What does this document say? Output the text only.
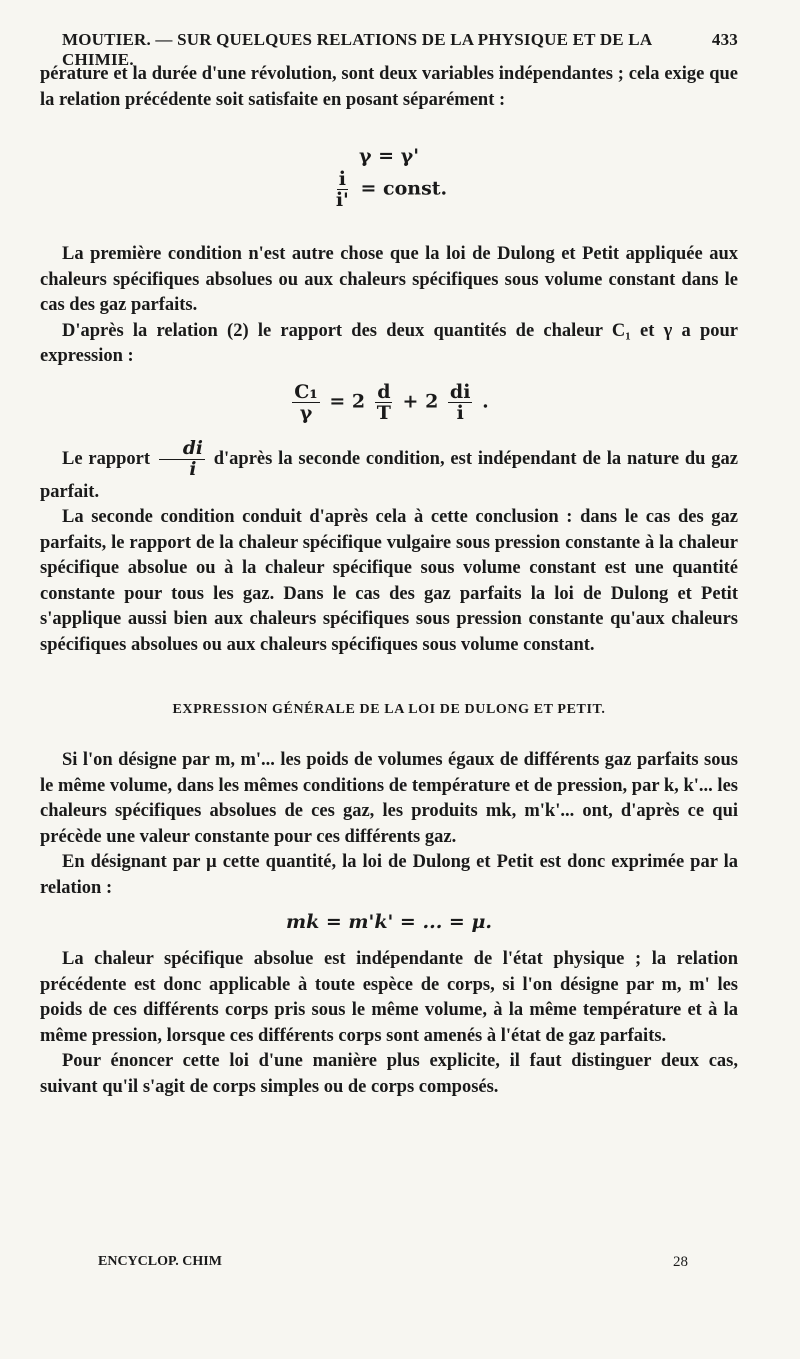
MOUTIER. — SUR QUELQUES RELATIONS DE LA PHYSIQUE ET DE LA CHIMIE.
433

pérature et la durée d'une révolution, sont deux variables indépendantes ; cela exige que la relation précédente soit satisfaite en posant séparément :

γ = γ'
$\frac{i}{i'}$ = const.

La première condition n'est autre chose que la loi de Dulong et Petit appliquée aux chaleurs spécifiques absolues ou aux chaleurs spécifiques sous volume constant dans le cas des gaz parfaits.

D'après la relation (2) le rapport des deux quantités de chaleur C₁ et γ a pour expression :

$\frac{\text{C₁}}{\gamma} = 2 \frac{d}{T} + 2 \frac{di}{i}$ .

Le rapport $\frac{di}{i}$ d'après la seconde condition, est indépendant de la nature du gaz parfait.

La seconde condition conduit d'après cela à cette conclusion : dans le cas des gaz parfaits, le rapport de la chaleur spécifique vulgaire sous pression constante à la chaleur spécifique absolue ou à la chaleur spécifique sous volume constant est une quantité constante pour tous les gaz. Dans le cas des gaz parfaits la loi de Dulong et Petit s'applique aussi bien aux chaleurs spécifiques sous pression constante qu'aux chaleurs spécifiques absolues ou aux chaleurs spécifiques sous volume constant.

EXPRESSION GÉNÉRALE DE LA LOI DE DULONG ET PETIT.

Si l'on désigne par m, m'... les poids de volumes égaux de différents gaz parfaits sous le même volume, dans les mêmes conditions de température et de pression, par k, k'... les chaleurs spécifiques absolues de ces gaz, les produits mk, m'k'... ont, d'après ce qui précède une valeur constante pour ces différents gaz.

En désignant par μ cette quantité, la loi de Dulong et Petit est donc exprimée par la relation :

mk = m'k' = ... = μ.

La chaleur spécifique absolue est indépendante de l'état physique ; la relation précédente est donc applicable à toute espèce de corps, si l'on désigne par m, m' les poids de ces différents corps pris sous le même volume, à la même température et à la même pression, lorsque ces différents corps sont amenés à l'état de gaz parfaits.

Pour énoncer cette loi d'une manière plus explicite, il faut distinguer deux cas, suivant qu'il s'agit de corps simples ou de corps composés.

ENCYCLOP. CHIM	28
